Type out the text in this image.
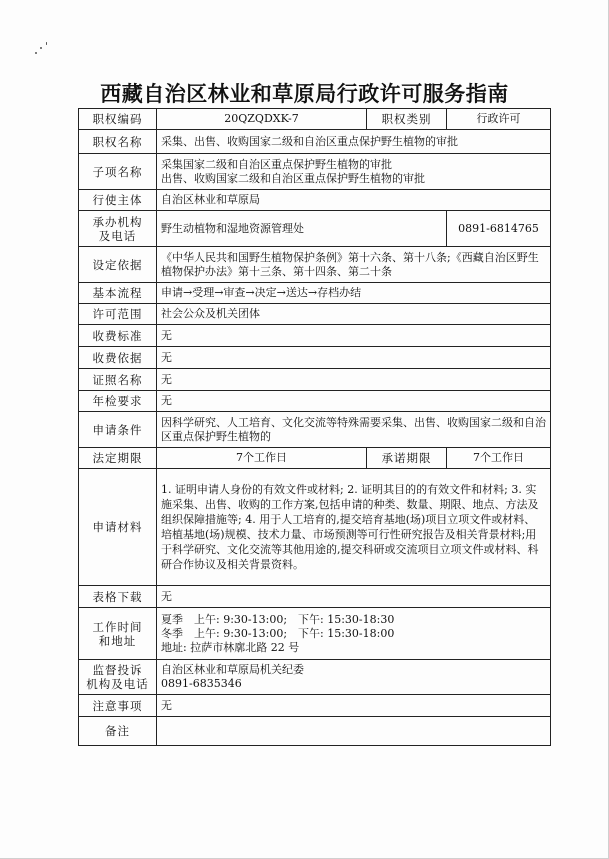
西藏自治区林业和草原局行政许可服务指南
职权编码	20QZQDXK-7	职权类别	行政许可
职权名称	采集、出售、收购国家二级和自治区重点保护野生植物的审批		
子项名称	采集国家二级和自治区重点保护野生植物的审批
出售、收购国家二级和自治区重点保护野生植物的审批		

行使主体	自治区林业和草原局		

承办机构
及电话	野生动植物和湿地资源管理处		0891-6814765
设定依据	《中华人民共和国野生植物保护条例》第十六条、第十八条;《西藏自治区野生植物保护办法》第十三条、第十四条、第二十条		
基本流程	申请→受理→审查→决定→送达→存档办结		
许可范围	社会公众及机关团体		
收费标准	无		
收费依据	无		
证照名称	无		
年检要求	无		
申请条件	因科学研究、人工培育、文化交流等特殊需要采集、出售、收购国家二级和自治区重点保护野生植物的		
法定期限	7个工作日	承诺期限	7个工作日
申请材料	1. 证明申请人身份的有效文件或材料; 2. 证明其目的的有效文件和材料; 3. 实施采集、出售、收购的工作方案,包括申请的种类、数量、期限、地点、方法及组织保障措施等; 4. 用于人工培育的,提交培育基地(场)项目立项文件或材料、培植基地(场)规模、技术力量、市场预测等可行性研究报告及相关背景材料;用于科学研究、文化交流等其他用途的,提交科研或交流项目立项文件或材料、科研合作协议及相关背景资料。		
表格下载	无		

工作时间
和地址	夏季　上午: 9:30-13:00;　下午: 15:30-18:30
冬季　上午: 9:30-13:00;　下午: 15:30-18:00
地址: 拉萨市林廓北路 22 号		

监督投诉
机构及电话	自治区林业和草原局机关纪委
0891-6835346		

注意事项	无		
备注			
